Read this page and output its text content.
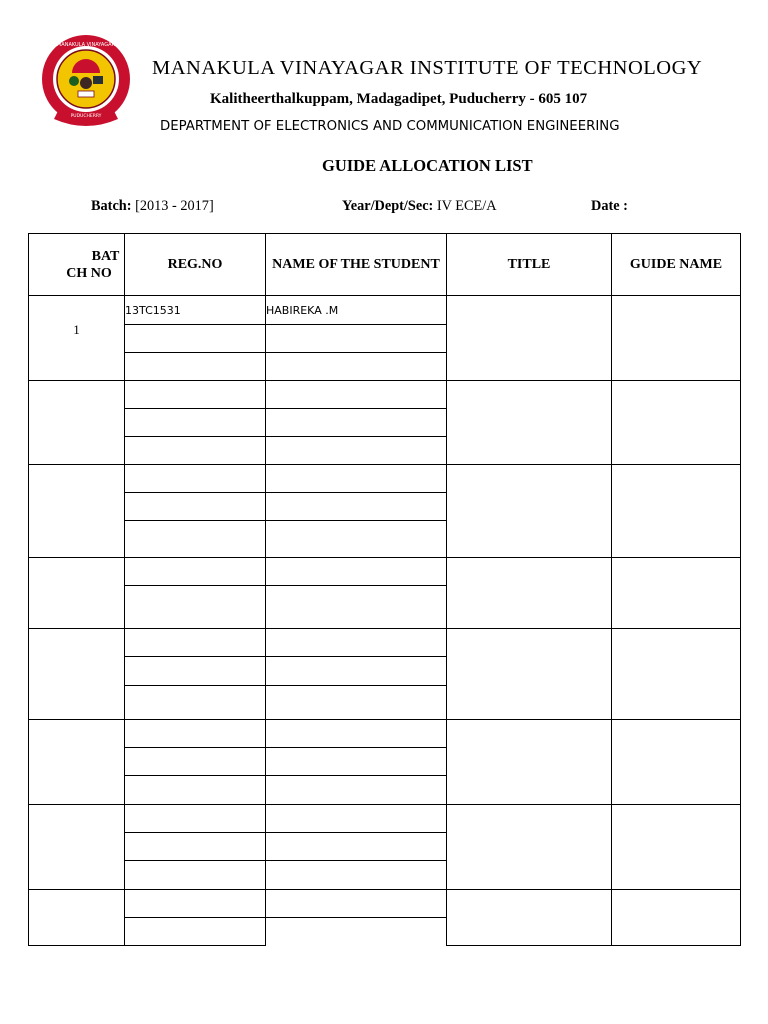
MANAKULA VINAYAGAR
PUDUCHERRY
MANAKULA VINAYAGAR INSTITUTE OF TECHNOLOGY
Kalitheerthalkuppam, Madagadipet, Puducherry - 605 107
DEPARTMENT OF ELECTRONICS AND COMMUNICATION ENGINEERING
GUIDE ALLOCATION LIST
Batch: [2013 - 2017]	Year/Dept/Sec: IV ECE/A	Date :
BAT
CH NO	REG.NO	NAME OF THE STUDENT	TITLE	GUIDE NAME
1	13TC1531	HABIREKA .M		
